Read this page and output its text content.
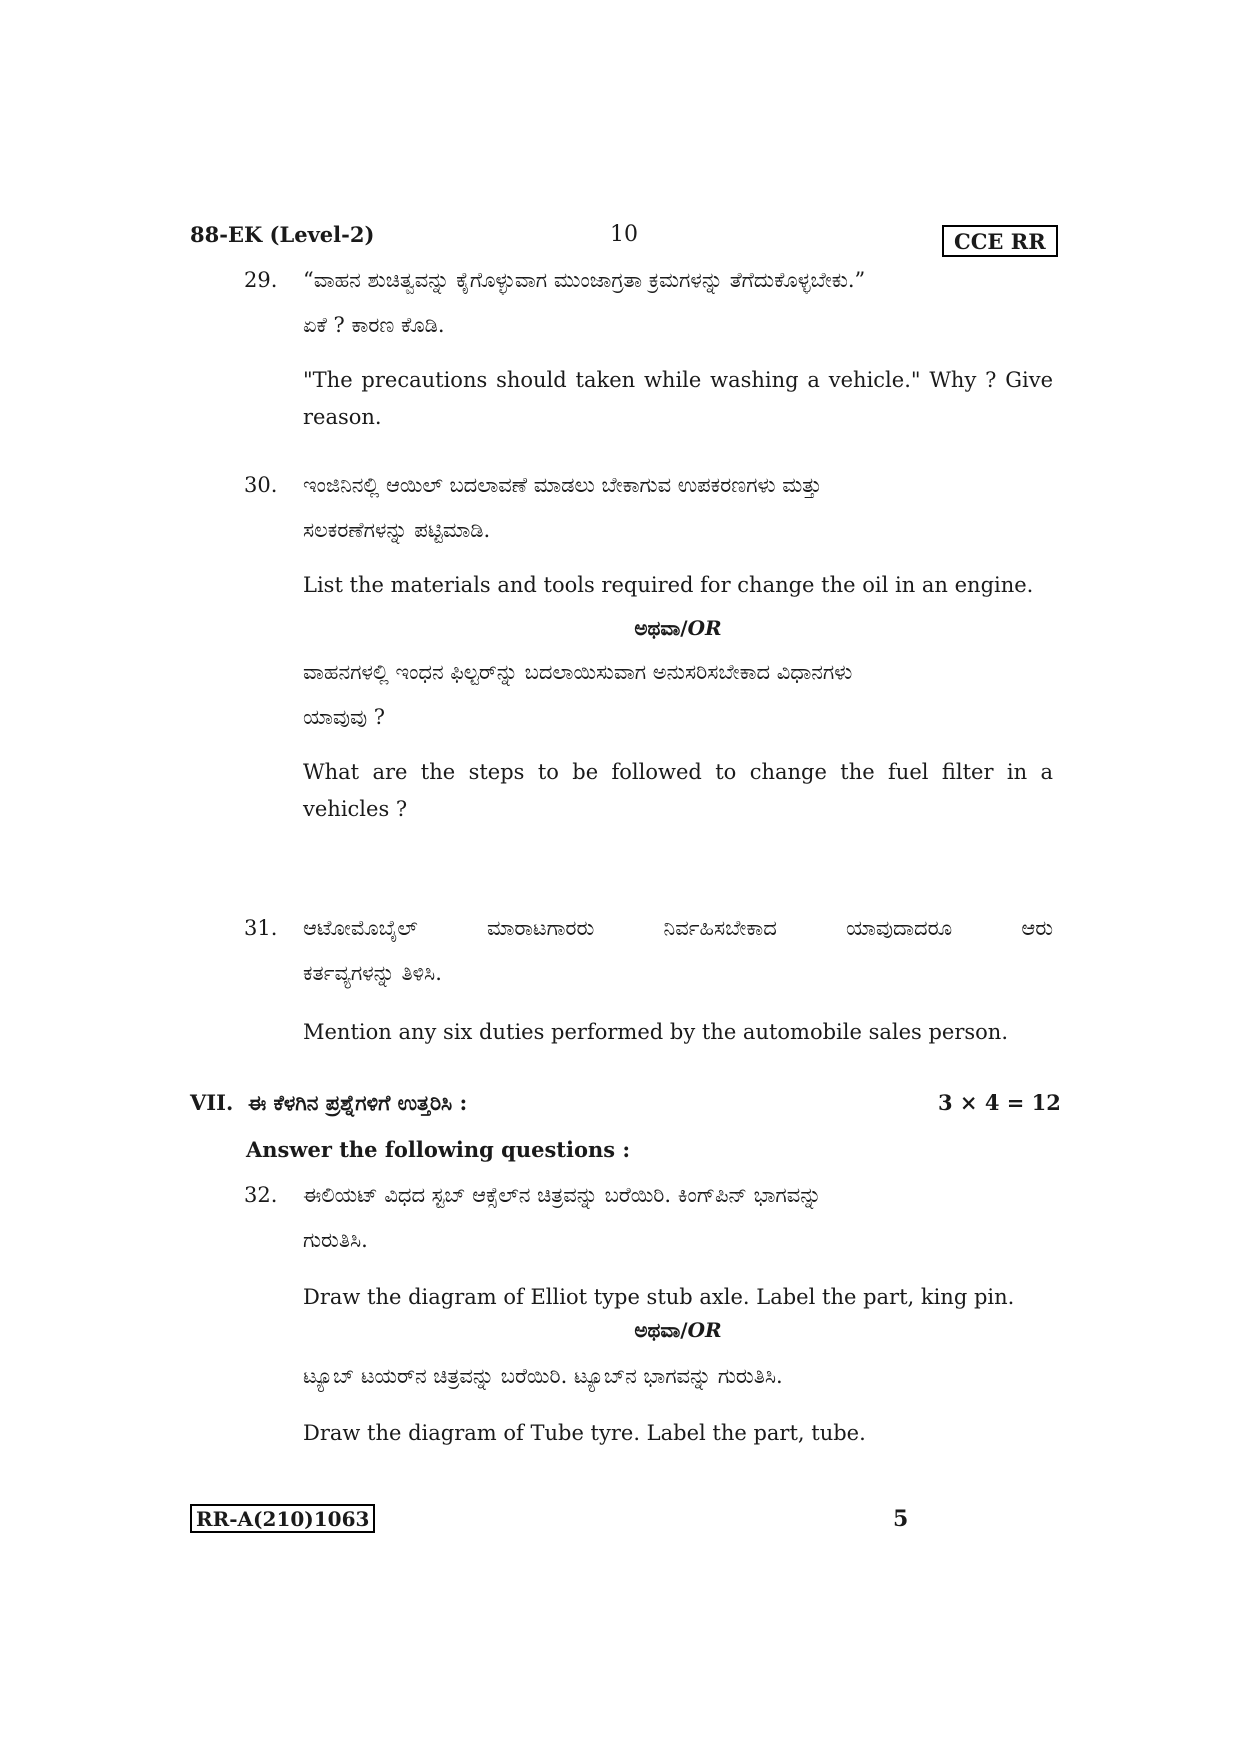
88-EK (Level-2)	10	CCE RR
29. “ವಾಹನ ಶುಚಿತ್ವವನ್ನು ಕೈಗೊಳ್ಳುವಾಗ ಮುಂಜಾಗ್ರತಾ ಕ್ರಮಗಳನ್ನು ತೆಗೆದುಕೊಳ್ಳಬೇಕು.”
ಏಕೆ ? ಕಾರಣ ಕೊಡಿ.
"The precautions should taken while washing a vehicle." Why ? Give reason.
30. ಇಂಜಿನಿನಲ್ಲಿ ಆಯಿಲ್ ಬದಲಾವಣೆ ಮಾಡಲು ಬೇಕಾಗುವ ಉಪಕರಣಗಳು ಮತ್ತು
ಸಲಕರಣೆಗಳನ್ನು ಪಟ್ಟಿಮಾಡಿ.
List the materials and tools required for change the oil in an engine.
ಅಥವಾ/OR
ವಾಹನಗಳಲ್ಲಿ ಇಂಧನ ಫಿಲ್ಟರ್‌ನ್ನು ಬದಲಾಯಿಸುವಾಗ ಅನುಸರಿಸಬೇಕಾದ ವಿಧಾನಗಳು
ಯಾವುವು ?
What are the steps to be followed to change the fuel filter in a vehicles ?
31. ಆಟೋಮೊಬೈಲ್	ಮಾರಾಟಗಾರರು	ನಿರ್ವಹಿಸಬೇಕಾದ	ಯಾವುದಾದರೂ	ಆರು
ಕರ್ತವ್ಯಗಳನ್ನು ತಿಳಿಸಿ.
Mention any six duties performed by the automobile sales person.
VII. ಈ ಕೆಳಗಿನ ಪ್ರಶ್ನೆಗಳಿಗೆ ಉತ್ತರಿಸಿ :	3 × 4 = 12
Answer the following questions :
32. ಈಲಿಯಟ್ ವಿಧದ ಸ್ಟಬ್ ಆಕ್ಸೆಲ್‌ನ ಚಿತ್ರವನ್ನು ಬರೆಯಿರಿ. ಕಿಂಗ್‌ಪಿನ್ ಭಾಗವನ್ನು
ಗುರುತಿಸಿ.
Draw the diagram of Elliot type stub axle. Label the part, king pin.
ಅಥವಾ/OR
ಟ್ಯೂಬ್ ಟಯರ್‌ನ ಚಿತ್ರವನ್ನು ಬರೆಯಿರಿ. ಟ್ಯೂಬ್‌ನ ಭಾಗವನ್ನು ಗುರುತಿಸಿ.
Draw the diagram of Tube tyre. Label the part, tube.
RR-A(210)1063	5
